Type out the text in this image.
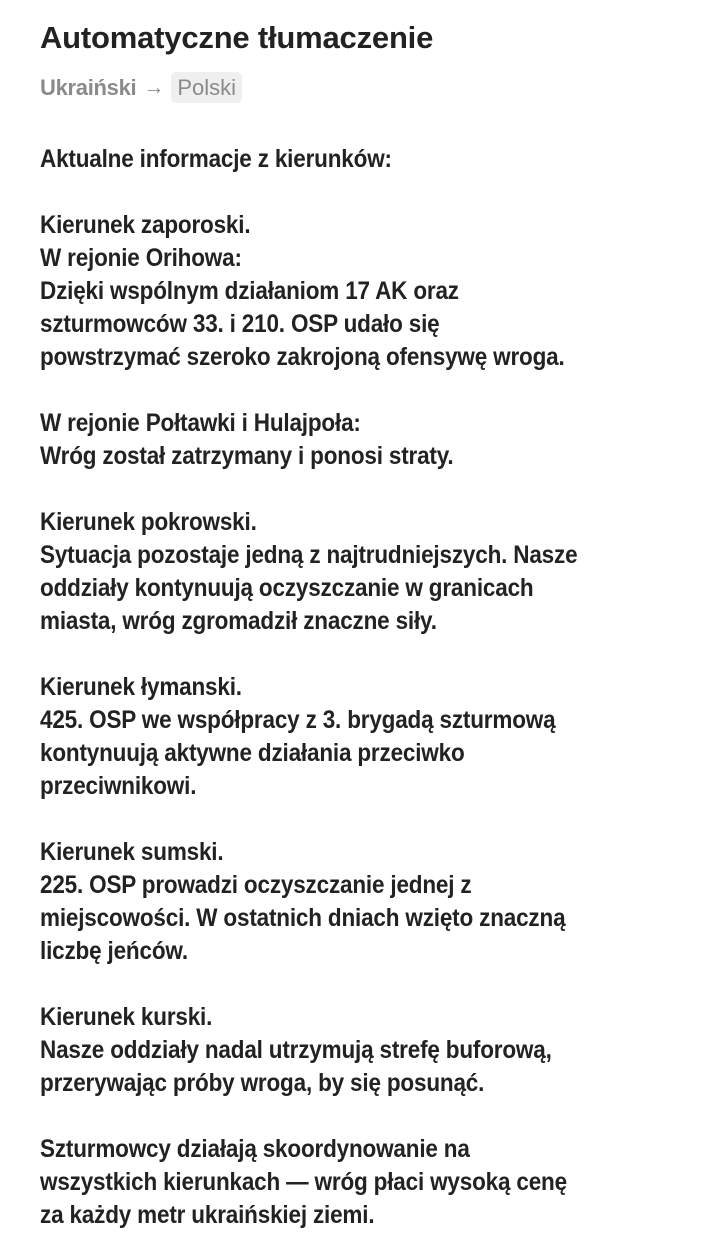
Automatyczne tłumaczenie
Ukraiński → Polski
Aktualne informacje z kierunków:
Kierunek zaporoski.
W rejonie Orihowa:
Dzięki wspólnym działaniom 17 AK oraz
szturmowców 33. i 210. OSP udało się
powstrzymać szeroko zakrojoną ofensywę wroga.
W rejonie Połtawki i Hulajpoła:
Wróg został zatrzymany i ponosi straty.
Kierunek pokrowski.
Sytuacja pozostaje jedną z najtrudniejszych. Nasze
oddziały kontynuują oczyszczanie w granicach
miasta, wróg zgromadził znaczne siły.
Kierunek łymanski.
425. OSP we współpracy z 3. brygadą szturmową
kontynuują aktywne działania przeciwko
przeciwnikowi.
Kierunek sumski.
225. OSP prowadzi oczyszczanie jednej z
miejscowości. W ostatnich dniach wzięto znaczną
liczbę jeńców.
Kierunek kurski.
Nasze oddziały nadal utrzymują strefę buforową,
przerywając próby wroga, by się posunąć.
Szturmowcy działają skoordynowanie na
wszystkich kierunkach — wróg płaci wysoką cenę
za każdy metr ukraińskiej ziemi.
